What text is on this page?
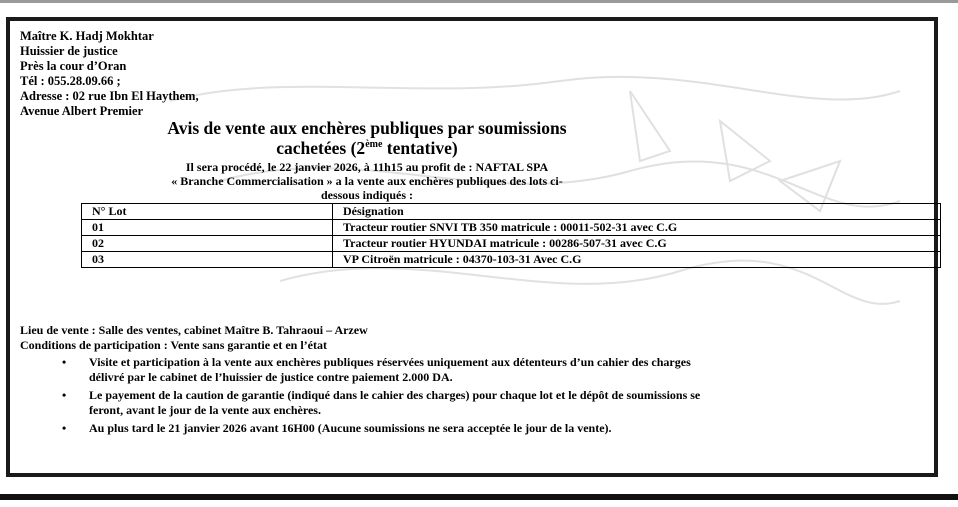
Maître K. Hadj Mokhtar
Huissier de justice
Près la cour d’Oran
Tél : 055.28.09.66 ;
Adresse : 02 rue Ibn El Haythem,
Avenue Albert Premier
Avis de vente aux enchères publiques par soumissions
cachetées (2ème tentative)
Il sera procédé, le 22 janvier 2026, à 11h15 au profit de : NAFTAL SPA
« Branche Commercialisation » a la vente aux enchères publiques des lots ci-
dessous indiqués :
N° Lot	Désignation
01	Tracteur routier SNVI TB 350 matricule : 00011-502-31 avec C.G
02	Tracteur routier HYUNDAI matricule : 00286-507-31 avec C.G
03	VP Citroën matricule : 04370-103-31 Avec C.G
Lieu de vente : Salle des ventes, cabinet Maître B. Tahraoui – Arzew
Conditions de participation : Vente sans garantie et en l’état
• Visite et participation à la vente aux enchères publiques réservées uniquement aux détenteurs d’un cahier des charges délivré par le cabinet de l’huissier de justice contre paiement 2.000 DA.
• Le payement de la caution de garantie (indiqué dans le cahier des charges) pour chaque lot et le dépôt de soumissions se feront, avant le jour de la vente aux enchères.
• Au plus tard le 21 janvier 2026 avant 16H00 (Aucune soumissions ne sera acceptée le jour de la vente).
